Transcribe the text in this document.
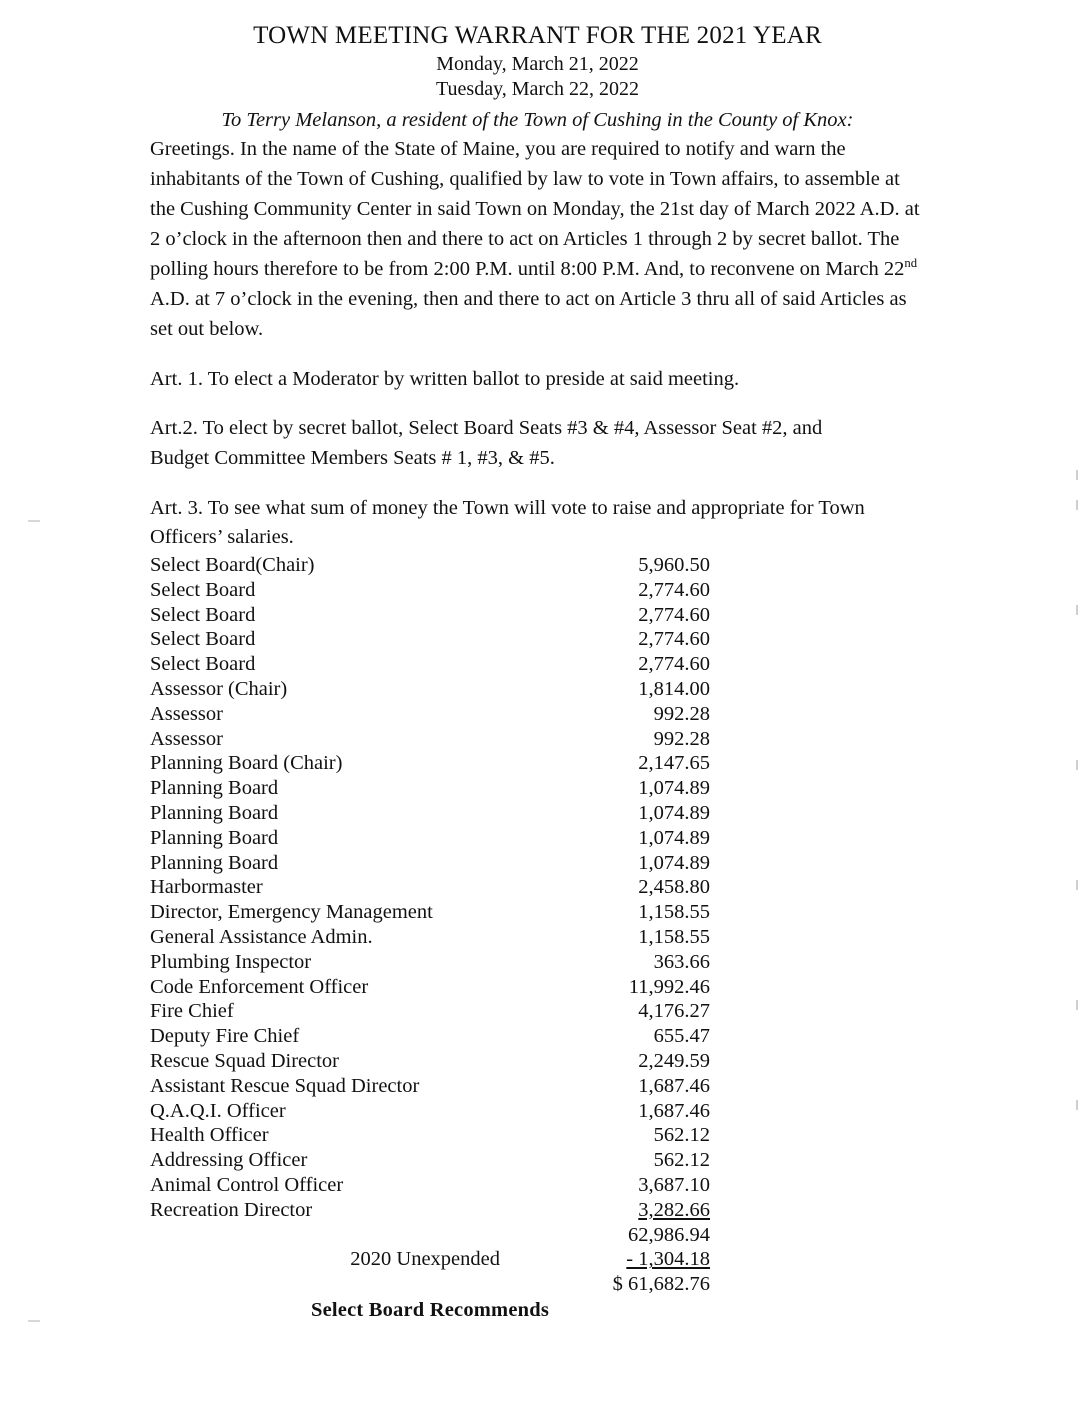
TOWN MEETING WARRANT FOR THE 2021 YEAR
Monday, March 21, 2022
Tuesday, March 22, 2022
To Terry Melanson, a resident of the Town of Cushing in the County of Knox:

Greetings. In the name of the State of Maine, you are required to notify and warn the inhabitants of the Town of Cushing, qualified by law to vote in Town affairs, to assemble at the Cushing Community Center in said Town on Monday, the 21st day of March 2022 A.D. at 2 o’clock in the afternoon then and there to act on Articles 1 through 2 by secret ballot. The polling hours therefore to be from 2:00 P.M. until 8:00 P.M. And, to reconvene on March 22nd A.D. at 7 o’clock in the evening, then and there to act on Article 3 thru all of said Articles as set out below.

Art. 1. To elect a Moderator by written ballot to preside at said meeting.

Art.2. To elect by secret ballot, Select Board Seats #3 & #4, Assessor Seat #2, and

Budget Committee Members Seats # 1, #3, & #5.

Art. 3. To see what sum of money the Town will vote to raise and appropriate for Town

Officers’ salaries.

Select Board(Chair)	5,960.50
Select Board	2,774.60
Select Board	2,774.60
Select Board	2,774.60
Select Board	2,774.60
Assessor (Chair)	1,814.00
Assessor	992.28
Assessor	992.28
Planning Board (Chair)	2,147.65
Planning Board	1,074.89
Planning Board	1,074.89
Planning Board	1,074.89
Planning Board	1,074.89
Harbormaster	2,458.80
Director, Emergency Management	1,158.55
General Assistance Admin.	1,158.55
Plumbing Inspector	363.66
Code Enforcement Officer	11,992.46
Fire Chief	4,176.27
Deputy Fire Chief	655.47
Rescue Squad Director	2,249.59
Assistant Rescue Squad Director	1,687.46
Q.A.Q.I. Officer	1,687.46
Health Officer	562.12
Addressing Officer	562.12
Animal Control Officer	3,687.10
Recreation Director	3,282.66
	62,986.94
2020 Unexpended	- 1,304.18
	$ 61,682.76
Select Board Recommends
